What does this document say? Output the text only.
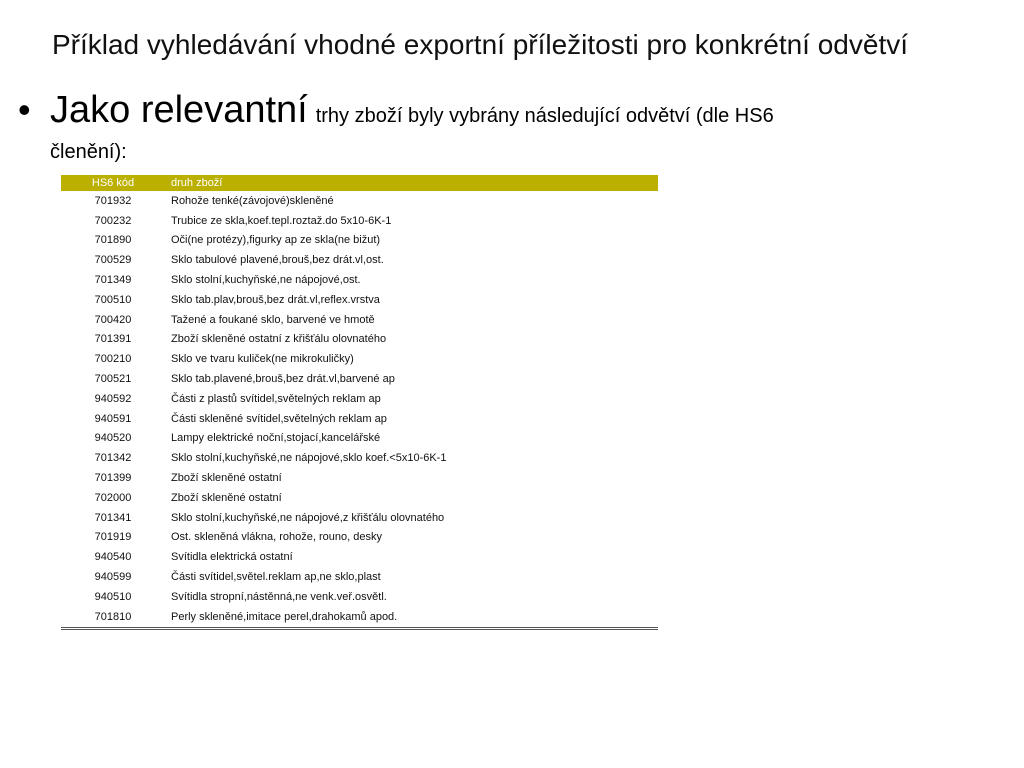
Příklad vyhledávání vhodné exportní příležitosti pro konkrétní odvětví
• Jako relevantní trhy zboží byly vybrány následující odvětví (dle HS6
členění):
HS6 kód	druh zboží
701932	Rohože tenké(závojové)skleněné
700232	Trubice ze skla,koef.tepl.roztaž.do 5x10-6K-1
701890	Oči(ne protézy),figurky ap ze skla(ne bižut)
700529	Sklo tabulové plavené,brouš,bez drát.vl,ost.
701349	Sklo stolní,kuchyňské,ne nápojové,ost.
700510	Sklo tab.plav,brouš,bez drát.vl,reflex.vrstva
700420	Tažené a foukané sklo, barvené ve hmotě
701391	Zboží skleněné ostatní z křišťálu olovnatého
700210	Sklo ve tvaru kuliček(ne mikrokuličky)
700521	Sklo tab.plavené,brouš,bez drát.vl,barvené ap
940592	Části z plastů svítidel,světelných reklam ap
940591	Části skleněné svítidel,světelných reklam ap
940520	Lampy elektrické noční,stojací,kancelářské
701342	Sklo stolní,kuchyňské,ne nápojové,sklo koef.<5x10-6K-1
701399	Zboží skleněné ostatní
702000	Zboží skleněné ostatní
701341	Sklo stolní,kuchyňské,ne nápojové,z křišťálu olovnatého
701919	Ost. skleněná vlákna, rohože, rouno, desky
940540	Svítidla elektrická ostatní
940599	Části svítidel,světel.reklam ap,ne sklo,plast
940510	Svítidla stropní,nástěnná,ne venk.veř.osvětl.
701810	Perly skleněné,imitace perel,drahokamů apod.
